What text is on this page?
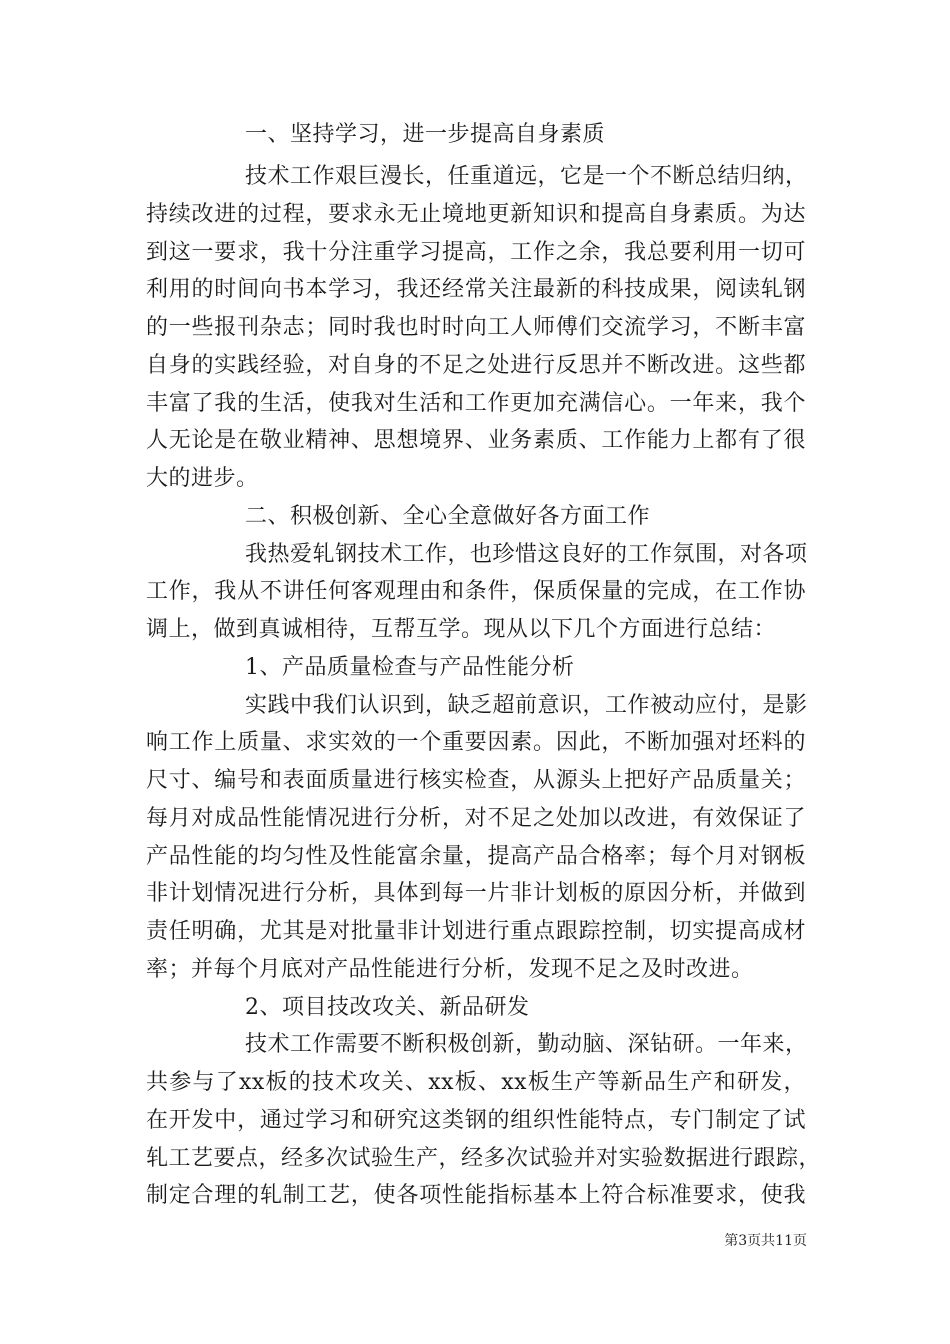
一、坚持学习，进一步提高自身素质
技术工作艰巨漫长，任重道远，它是一个不断总结归纳，
持续改进的过程，要求永无止境地更新知识和提高自身素质。为达
到这一要求，我十分注重学习提高，工作之余，我总要利用一切可
利用的时间向书本学习，我还经常关注最新的科技成果，阅读轧钢
的一些报刊杂志；同时我也时时向工人师傅们交流学习，不断丰富
自身的实践经验，对自身的不足之处进行反思并不断改进。这些都
丰富了我的生活，使我对生活和工作更加充满信心。一年来，我个
人无论是在敬业精神、思想境界、业务素质、工作能力上都有了很
大的进步。
二、积极创新、全心全意做好各方面工作
我热爱轧钢技术工作，也珍惜这良好的工作氛围，对各项
工作，我从不讲任何客观理由和条件，保质保量的完成，在工作协
调上，做到真诚相待，互帮互学。现从以下几个方面进行总结：
1、产品质量检查与产品性能分析
实践中我们认识到，缺乏超前意识，工作被动应付，是影
响工作上质量、求实效的一个重要因素。因此，不断加强对坯料的
尺寸、编号和表面质量进行核实检查，从源头上把好产品质量关；
每月对成品性能情况进行分析，对不足之处加以改进，有效保证了
产品性能的均匀性及性能富余量，提高产品合格率；每个月对钢板
非计划情况进行分析，具体到每一片非计划板的原因分析，并做到
责任明确，尤其是对批量非计划进行重点跟踪控制，切实提高成材
率；并每个月底对产品性能进行分析，发现不足之及时改进。
2、项目技改攻关、新品研发
技术工作需要不断积极创新，勤动脑、深钻研。一年来，
共参与了xx板的技术攻关、xx板、xx板生产等新品生产和研发，
在开发中，通过学习和研究这类钢的组织性能特点，专门制定了试
轧工艺要点，经多次试验生产，经多次试验并对实验数据进行跟踪，
制定合理的轧制工艺，使各项性能指标基本上符合标准要求，使我
第3页共11页
